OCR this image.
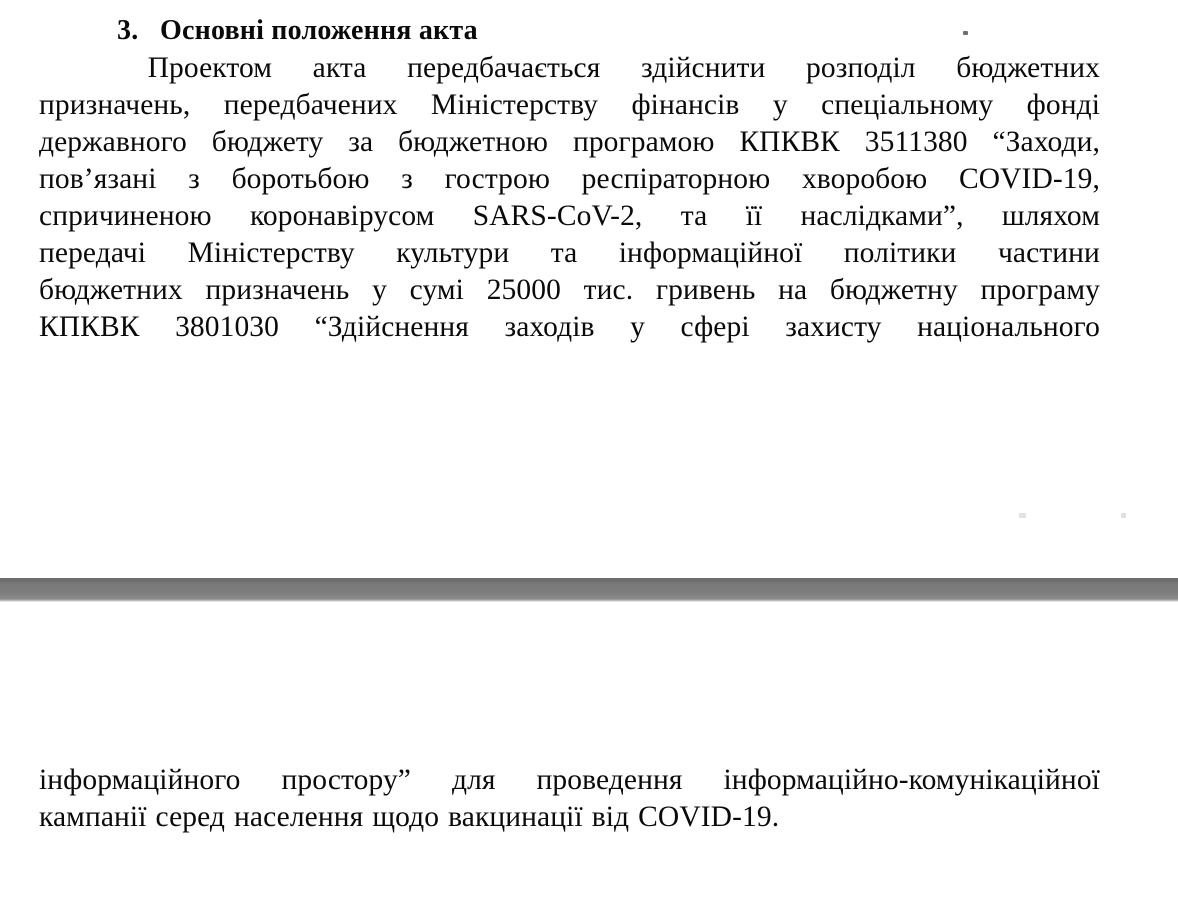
3.   Основні положення акта
Проектом акта передбачається здійснити розподіл бюджетних
призначень, передбачених Міністерству фінансів у спеціальному фонді
державного бюджету за бюджетною програмою КПКВК 3511380 “Заходи,
пов’язані з боротьбою з гострою респіраторною хворобою COVID-19,
спричиненою коронавірусом SARS-CoV-2, та її наслідками”, шляхом
передачі Міністерству культури та інформаційної політики частини
бюджетних призначень у сумі 25000 тис. гривень на бюджетну програму
КПКВК 3801030 “Здійснення заходів у сфері захисту національного
інформаційного простору” для проведення інформаційно-комунікаційної
кампанії серед населення щодо вакцинації від COVID-19.
